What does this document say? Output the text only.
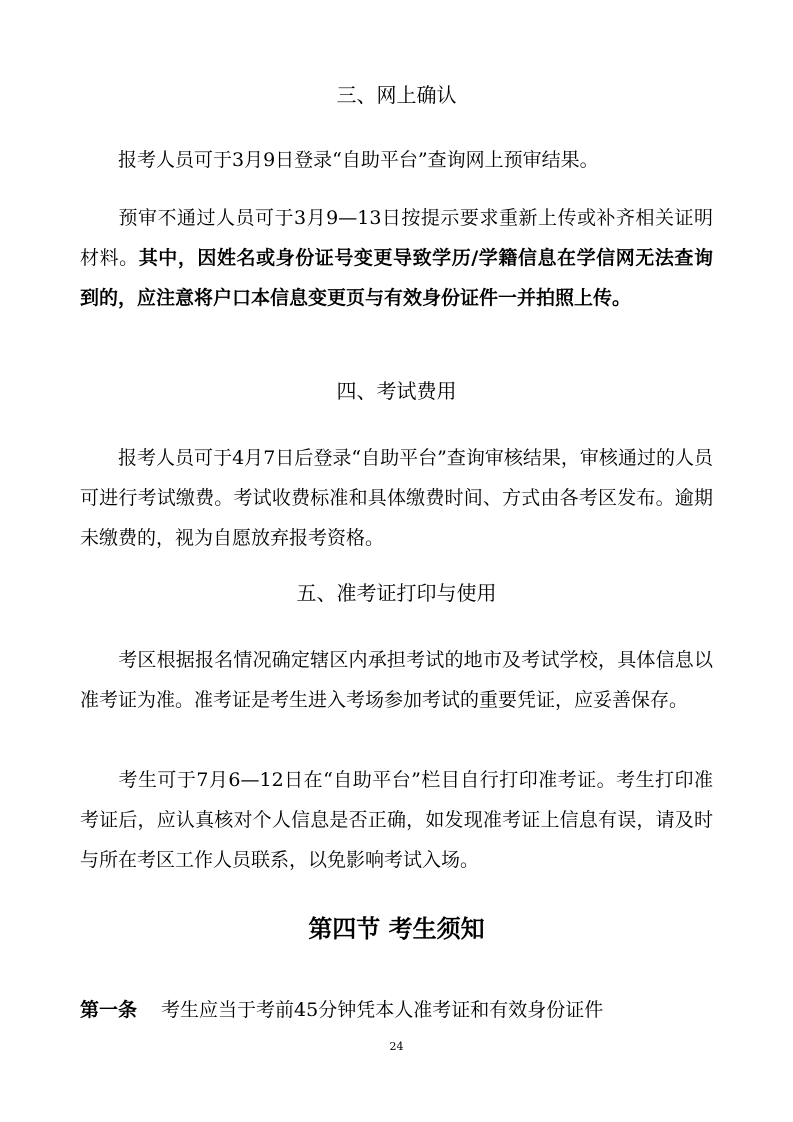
三、网上确认

报考人员可于3月9日登录“自助平台”查询网上预审结果。

预审不通过人员可于3月9—13日按提示要求重新上传或补齐相关证明材料。其中，因姓名或身份证号变更导致学历/学籍信息在学信网无法查询到的，应注意将户口本信息变更页与有效身份证件一并拍照上传。

四、考试费用

报考人员可于4月7日后登录“自助平台”查询审核结果，审核通过的人员可进行考试缴费。考试收费标准和具体缴费时间、方式由各考区发布。逾期未缴费的，视为自愿放弃报考资格。

五、准考证打印与使用

考区根据报名情况确定辖区内承担考试的地市及考试学校，具体信息以准考证为准。准考证是考生进入考场参加考试的重要凭证，应妥善保存。

考生可于7月6—12日在“自助平台”栏目自行打印准考证。考生打印准考证后，应认真核对个人信息是否正确，如发现准考证上信息有误，请及时与所在考区工作人员联系，以免影响考试入场。

第四节 考生须知

第一条 考生应当于考前45分钟凭本人准考证和有效身份证件

24
